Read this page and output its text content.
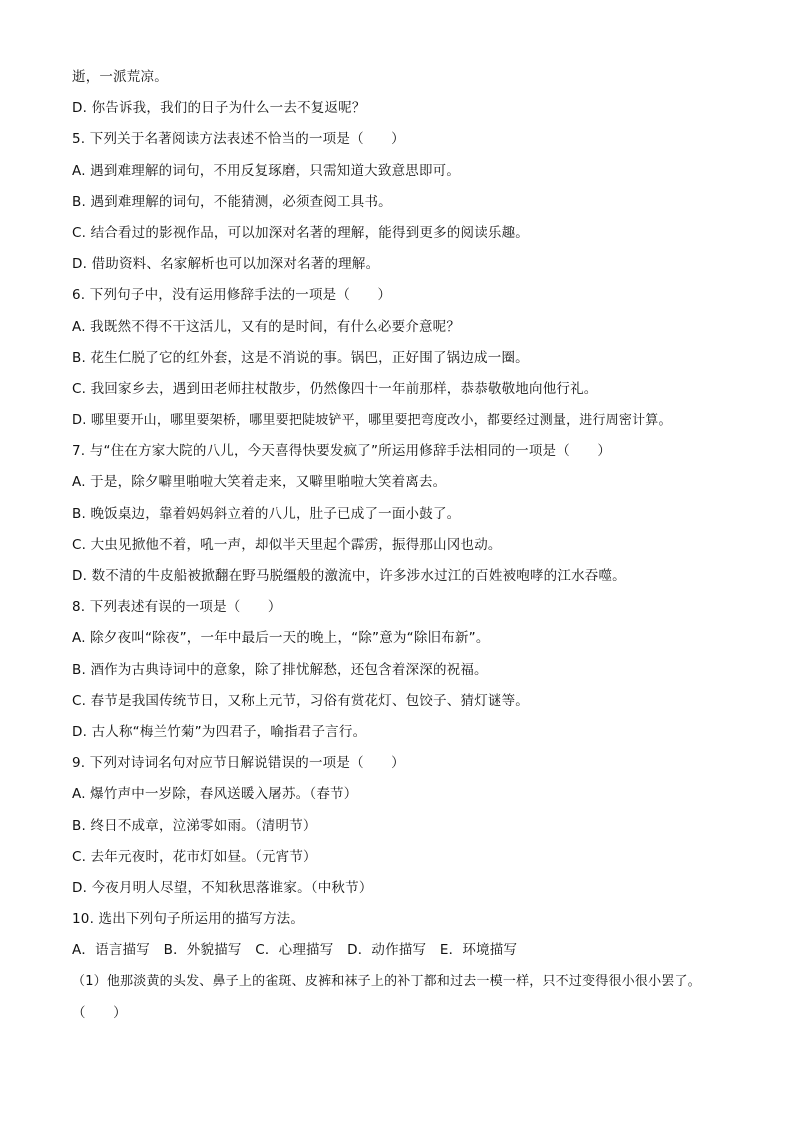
逝，一派荒凉。
D. 你告诉我，我们的日子为什么一去不复返呢？
5. 下列关于名著阅读方法表述不恰当的一项是（　　）
A. 遇到难理解的词句，不用反复琢磨，只需知道大致意思即可。
B. 遇到难理解的词句，不能猜测，必须查阅工具书。
C. 结合看过的影视作品，可以加深对名著的理解，能得到更多的阅读乐趣。
D. 借助资料、名家解析也可以加深对名著的理解。
6. 下列句子中，没有运用修辞手法的一项是（　　）
A. 我既然不得不干这活儿，又有的是时间，有什么必要介意呢？
B. 花生仁脱了它的红外套，这是不消说的事。锅巴，正好围了锅边成一圈。
C. 我回家乡去，遇到田老师拄杖散步，仍然像四十一年前那样，恭恭敬敬地向他行礼。
D. 哪里要开山，哪里要架桥，哪里要把陡坡铲平，哪里要把弯度改小，都要经过测量，进行周密计算。
7. 与“住在方家大院的八儿，今天喜得快要发疯了”所运用修辞手法相同的一项是（　　）
A. 于是，除夕噼里啪啦大笑着走来，又噼里啪啦大笑着离去。
B. 晚饭桌边，靠着妈妈斜立着的八儿，肚子已成了一面小鼓了。
C. 大虫见掀他不着，吼一声，却似半天里起个霹雳，振得那山冈也动。
D. 数不清的牛皮船被掀翻在野马脱缰般的激流中，许多涉水过江的百姓被咆哮的江水吞噬。
8. 下列表述有误的一项是（　　）
A. 除夕夜叫“除夜”，一年中最后一天的晚上，“除”意为“除旧布新”。
B. 酒作为古典诗词中的意象，除了排忧解愁，还包含着深深的祝福。
C. 春节是我国传统节日，又称上元节，习俗有赏花灯、包饺子、猜灯谜等。
D. 古人称“梅兰竹菊”为四君子，喻指君子言行。
9. 下列对诗词名句对应节日解说错误的一项是（　　）
A. 爆竹声中一岁除，春风送暖入屠苏。（春节）
B. 终日不成章，泣涕零如雨。（清明节）
C. 去年元夜时，花市灯如昼。（元宵节）
D. 今夜月明人尽望，不知秋思落谁家。（中秋节）
10. 选出下列句子所运用的描写方法。
A．语言描写　B．外貌描写　C．心理描写　D．动作描写　E．环境描写
（1）他那淡黄的头发、鼻子上的雀斑、皮裤和袜子上的补丁都和过去一模一样，只不过变得很小很小罢了。
（　　）
